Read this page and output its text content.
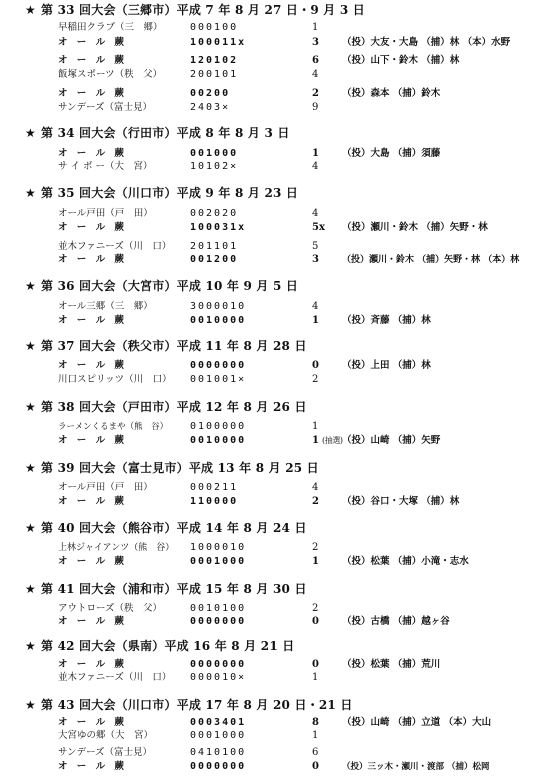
★ 第 33 回大会（三郷市）平成 7 年 8 月 27 日・9 月 3 日
早稲田クラブ（三　郷）	000100	1
オ ー ル 蕨	100011x	3	（投）大友・大島 （捕）林 （本）水野
オ ー ル 蕨	120102	6	（投）山下・鈴木 （捕）林
飯塚スポーツ（秩　父）	200101	4
オ ー ル 蕨	00200	2	（投）森本 （捕）鈴木
サンデーズ（富士見）	2403×	9
★ 第 34 回大会（行田市）平成 8 年 8 月 3 日
オ ー ル 蕨	001000	1	（投）大島 （捕）須藤
サ イ ボ ー（大　宮）	10102×	4
★ 第 35 回大会（川口市）平成 9 年 8 月 23 日
オール戸田（戸　田）	002020	4
オ ー ル 蕨	100031x	5x	（投）瀬川・鈴木 （捕）矢野・林
並木ファニーズ（川　口）	201101	5
オ ー ル 蕨	001200	3	（投）瀬川・鈴木 （捕）矢野・林 （本）林
★ 第 36 回大会（大宮市）平成 10 年 9 月 5 日
オール三郷（三　郷）	3000010	4
オ ー ル 蕨	0010000	1	（投）斉藤 （捕）林
★ 第 37 回大会（秩父市）平成 11 年 8 月 28 日
オ ー ル 蕨	0000000	0	（投）上田 （捕）林
川口スピリッツ（川　口）	001001×	2
★ 第 38 回大会（戸田市）平成 12 年 8 月 26 日
ラーメンくるまや（熊　谷）	0100000	1
オ ー ル 蕨	0010000	1 (抽選) （投）山崎 （捕）矢野
★ 第 39 回大会（富士見市）平成 13 年 8 月 25 日
オール戸田（戸　田）	000211	4
オ ー ル 蕨	110000	2	（投）谷口・大塚 （捕）林
★ 第 40 回大会（熊谷市）平成 14 年 8 月 24 日
上林ジャイアンツ（熊　谷）	1000010	2
オ ー ル 蕨	0001000	1	（投）松葉 （捕）小滝・志水
★ 第 41 回大会（浦和市）平成 15 年 8 月 30 日
アウトローズ（秩　父）	0010100	2
オ ー ル 蕨	0000000	0	（投）古橋 （捕）越ヶ谷
★ 第 42 回大会（県南）平成 16 年 8 月 21 日
オ ー ル 蕨	0000000	0	（投）松葉 （捕）荒川
並木ファニーズ（川　口）	000010×	1
★ 第 43 回大会（川口市）平成 17 年 8 月 20 日・21 日
オ ー ル 蕨	0003401	8	（投）山崎 （捕）立道 （本）大山
大宮ゆの郷（大　宮）	0001000	1
サンデーズ（富士見）	0410100	6
オ ー ル 蕨	0000000	0	（投）三ッ木・瀬川・渡部 （捕）松岡
